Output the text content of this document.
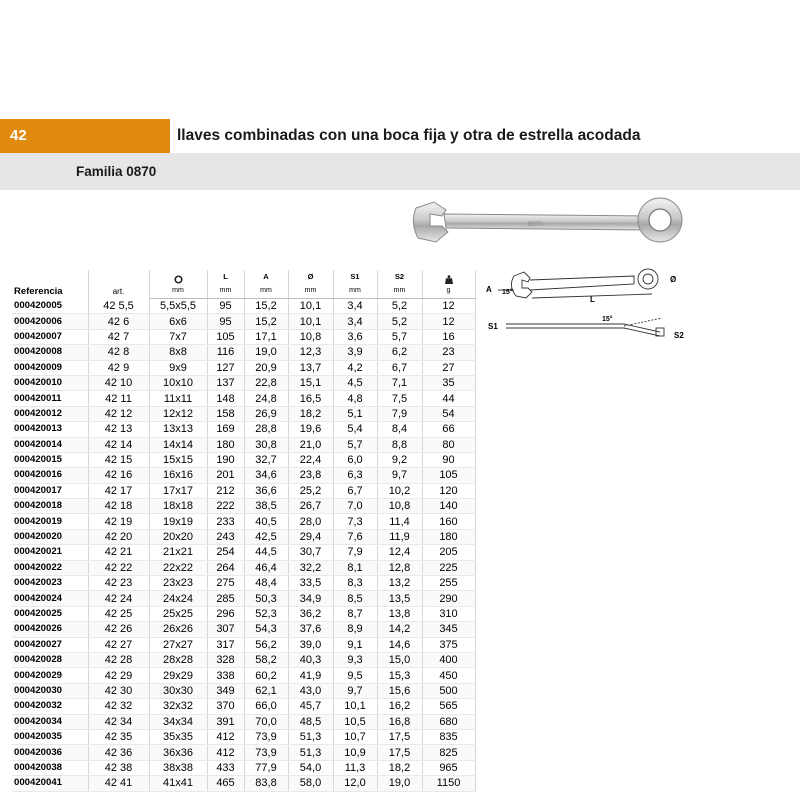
42	llaves combinadas con una boca fija y otra de estrella acodada
Familia 0870
BETA
A 15°
L
Ø
S1
15°
S2
Referencia	art.		L	A	Ø	S1	S2

		mm	mm	mm	mm	mm	mm	g

000420005	42 5,5	5,5x5,5	95	15,2	10,1	3,4	5,2	12
000420006	42 6	6x6	95	15,2	10,1	3,4	5,2	12
000420007	42 7	7x7	105	17,1	10,8	3,6	5,7	16
000420008	42 8	8x8	116	19,0	12,3	3,9	6,2	23
000420009	42 9	9x9	127	20,9	13,7	4,2	6,7	27
000420010	42 10	10x10	137	22,8	15,1	4,5	7,1	35
000420011	42 11	11x11	148	24,8	16,5	4,8	7,5	44
000420012	42 12	12x12	158	26,9	18,2	5,1	7,9	54
000420013	42 13	13x13	169	28,8	19,6	5,4	8,4	66
000420014	42 14	14x14	180	30,8	21,0	5,7	8,8	80
000420015	42 15	15x15	190	32,7	22,4	6,0	9,2	90
000420016	42 16	16x16	201	34,6	23,8	6,3	9,7	105
000420017	42 17	17x17	212	36,6	25,2	6,7	10,2	120
000420018	42 18	18x18	222	38,5	26,7	7,0	10,8	140
000420019	42 19	19x19	233	40,5	28,0	7,3	11,4	160
000420020	42 20	20x20	243	42,5	29,4	7,6	11,9	180
000420021	42 21	21x21	254	44,5	30,7	7,9	12,4	205
000420022	42 22	22x22	264	46,4	32,2	8,1	12,8	225
000420023	42 23	23x23	275	48,4	33,5	8,3	13,2	255
000420024	42 24	24x24	285	50,3	34,9	8,5	13,5	290
000420025	42 25	25x25	296	52,3	36,2	8,7	13,8	310
000420026	42 26	26x26	307	54,3	37,6	8,9	14,2	345
000420027	42 27	27x27	317	56,2	39,0	9,1	14,6	375
000420028	42 28	28x28	328	58,2	40,3	9,3	15,0	400
000420029	42 29	29x29	338	60,2	41,9	9,5	15,3	450
000420030	42 30	30x30	349	62,1	43,0	9,7	15,6	500
000420032	42 32	32x32	370	66,0	45,7	10,1	16,2	565
000420034	42 34	34x34	391	70,0	48,5	10,5	16,8	680
000420035	42 35	35x35	412	73,9	51,3	10,7	17,5	835
000420036	42 36	36x36	412	73,9	51,3	10,9	17,5	825
000420038	42 38	38x38	433	77,9	54,0	11,3	18,2	965
000420041	42 41	41x41	465	83,8	58,0	12,0	19,0	1150
